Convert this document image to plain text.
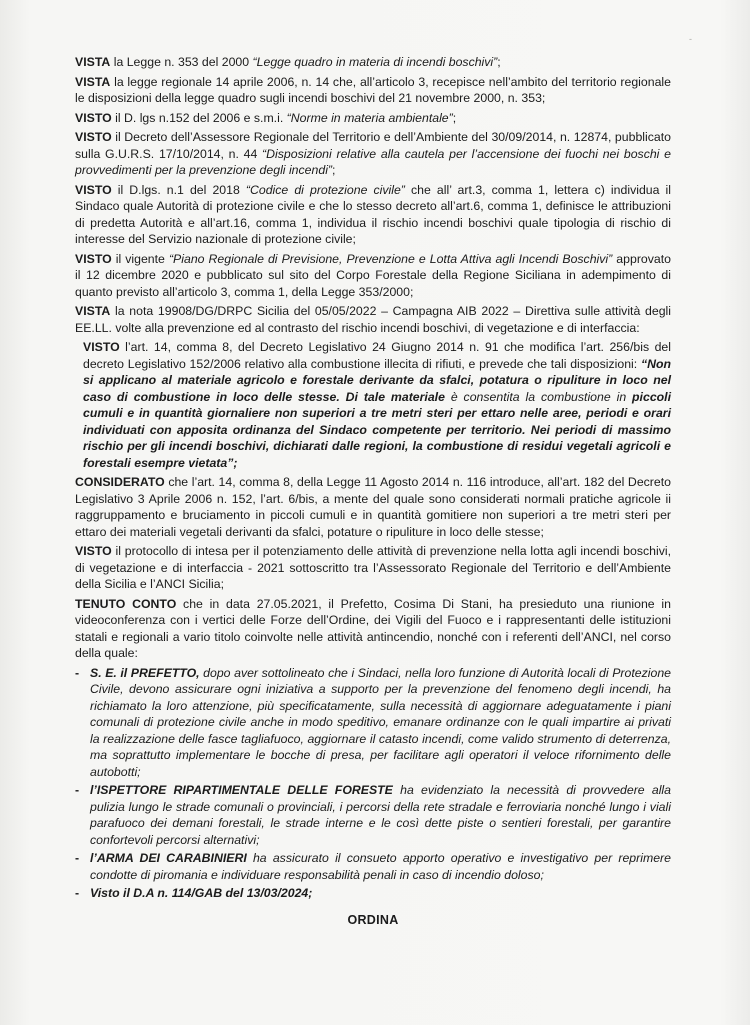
-

VISTA la Legge n. 353 del 2000 “Legge quadro in materia di incendi boschivi”;

VISTA la legge regionale 14 aprile 2006, n. 14 che, all’articolo 3, recepisce nell’ambito del territorio regionale le disposizioni della legge quadro sugli incendi boschivi del 21 novembre 2000, n. 353;

VISTO il D. lgs n.152 del 2006 e s.m.i. “Norme in materia ambientale”;

VISTO il Decreto dell’Assessore Regionale del Territorio e dell’Ambiente del 30/09/2014, n. 12874, pubblicato sulla G.U.R.S. 17/10/2014, n. 44 “Disposizioni relative alla cautela per l’accensione dei fuochi nei boschi e provvedimenti per la prevenzione degli incendi”;

VISTO il D.lgs. n.1 del 2018 “Codice di protezione civile” che all’ art.3, comma 1, lettera c) individua il Sindaco quale Autorità di protezione civile e che lo stesso decreto all’art.6, comma 1, definisce le attribuzioni di predetta Autorità e all’art.16, comma 1, individua il rischio incendi boschivi quale tipologia di rischio di interesse del Servizio nazionale di protezione civile;

VISTO il vigente “Piano Regionale di Previsione, Prevenzione e Lotta Attiva agli Incendi Boschivi” approvato il 12 dicembre 2020 e pubblicato sul sito del Corpo Forestale della Regione Siciliana in adempimento di quanto previsto all’articolo 3, comma 1, della Legge 353/2000;

VISTA la nota 19908/DG/DRPC Sicilia del 05/05/2022 – Campagna AIB 2022 – Direttiva sulle attività degli EE.LL. volte alla prevenzione ed al contrasto del rischio incendi boschivi, di vegetazione e di interfaccia:

VISTO l’art. 14, comma 8, del Decreto Legislativo 24 Giugno 2014 n. 91 che modifica l’art. 256/bis del decreto Legislativo 152/2006 relativo alla combustione illecita di rifiuti, e prevede che tali disposizioni: “Non si applicano al materiale agricolo e forestale derivante da sfalci, potatura o ripuliture in loco nel caso di combustione in loco delle stesse. Di tale materiale è consentita la combustione in piccoli cumuli e in quantità giornaliere non superiori a tre metri steri per ettaro nelle aree, periodi e orari individuati con apposita ordinanza del Sindaco competente per territorio. Nei periodi di massimo rischio per gli incendi boschivi, dichiarati dalle regioni, la combustione di residui vegetali agricoli e forestali esempre vietata”;

CONSIDERATO che l’art. 14, comma 8, della Legge 11 Agosto 2014 n. 116 introduce, all’art. 182 del Decreto Legislativo 3 Aprile 2006 n. 152, l’art. 6/bis, a mente del quale sono considerati normali pratiche agricole ii raggruppamento e bruciamento in piccoli cumuli e in quantità gomitiere non superiori a tre metri steri per ettaro dei materiali vegetali derivanti da sfalci, potature o ripuliture in loco delle stesse;

VISTO il protocollo di intesa per il potenziamento delle attività di prevenzione nella lotta agli incendi boschivi, di vegetazione e di interfaccia - 2021 sottoscritto tra l’Assessorato Regionale del Territorio e dell’Ambiente della Sicilia e l’ANCI Sicilia;

TENUTO CONTO che in data 27.05.2021, il Prefetto, Cosima Di Stani, ha presieduto una riunione in videoconferenza con i vertici delle Forze dell’Ordine, dei Vigili del Fuoco e i rappresentanti delle istituzioni statali e regionali a vario titolo coinvolte nelle attività antincendio, nonché con i referenti dell’ANCI, nel corso della quale:

- S. E. il PREFETTO, dopo aver sottolineato che i Sindaci, nella loro funzione di Autorità locali di Protezione Civile, devono assicurare ogni iniziativa a supporto per la prevenzione del fenomeno degli incendi, ha richiamato la loro attenzione, più specificatamente, sulla necessità di aggiornare adeguatamente i piani comunali di protezione civile anche in modo speditivo, emanare ordinanze con le quali impartire ai privati la realizzazione delle fasce tagliafuoco, aggiornare il catasto incendi, come valido strumento di deterrenza, ma soprattutto implementare le bocche di presa, per facilitare agli operatori il veloce rifornimento delle autobotti;
- l’ISPETTORE RIPARTIMENTALE DELLE FORESTE ha evidenziato la necessità di provvedere alla pulizia lungo le strade comunali o provinciali, i percorsi della rete stradale e ferroviaria nonché lungo i viali parafuoco dei demani forestali, le strade interne e le così dette piste o sentieri forestali, per garantire confortevoli percorsi alternativi;
- l’ARMA DEI CARABINIERI ha assicurato il consueto apporto operativo e investigativo per reprimere condotte di piromania e individuare responsabilità penali in caso di incendio doloso;
- Visto il D.A n. 114/GAB del 13/03/2024;
ORDINA
